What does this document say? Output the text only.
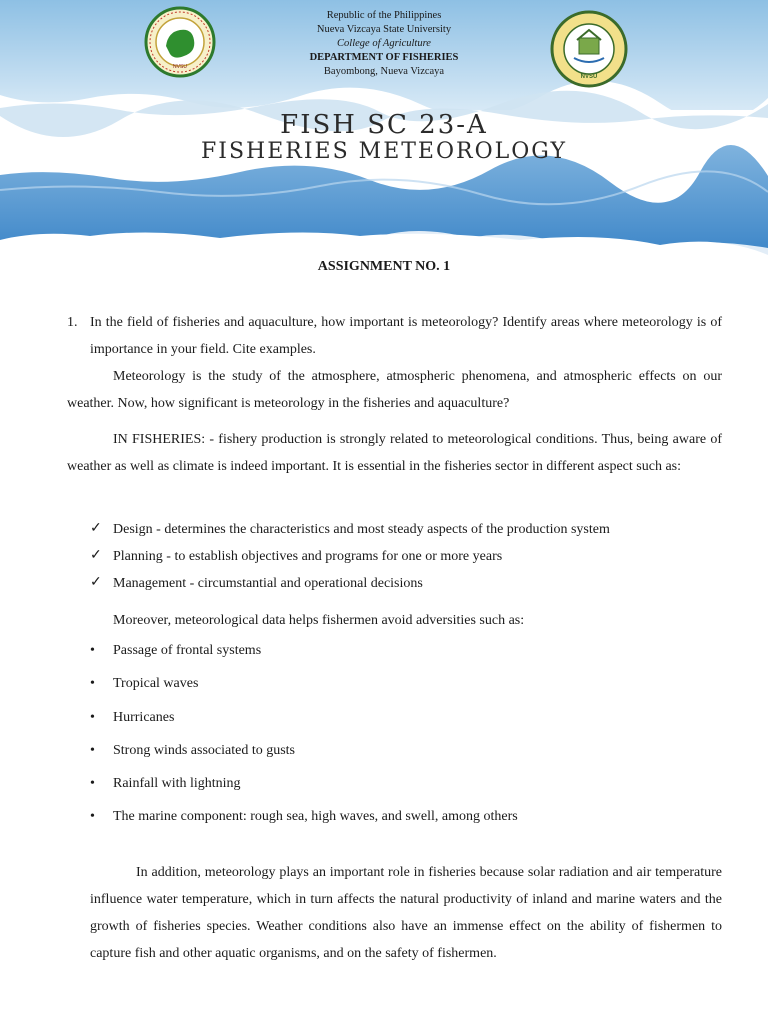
NVSU
NVSU
Republic of the Philippines
Nueva Vizcaya State University
College of Agriculture
DEPARTMENT OF FISHERIES
Bayombong, Nueva Vizcaya
FISH SC 23-A
FISHERIES METEOROLOGY
ASSIGNMENT NO. 1
1. In the field of fisheries and aquaculture, how important is meteorology? Identify areas where meteorology is of importance in your field. Cite examples.
Meteorology is the study of the atmosphere, atmospheric phenomena, and atmospheric effects on our weather. Now, how significant is meteorology in the fisheries and aquaculture?
IN FISHERIES: - fishery production is strongly related to meteorological conditions. Thus, being aware of weather as well as climate is indeed important. It is essential in the fisheries sector in different aspect such as:
✓ Design - determines the characteristics and most steady aspects of the production system
✓ Planning - to establish objectives and programs for one or more years
✓ Management - circumstantial and operational decisions
Moreover, meteorological data helps fishermen avoid adversities such as:
• Passage of frontal systems
• Tropical waves
• Hurricanes
• Strong winds associated to gusts
• Rainfall with lightning
• The marine component: rough sea, high waves, and swell, among others
In addition, meteorology plays an important role in fisheries because solar radiation and air temperature influence water temperature, which in turn affects the natural productivity of inland and marine waters and the growth of fisheries species. Weather conditions also have an immense effect on the ability of fishermen to capture fish and other aquatic organisms, and on the safety of fishermen.
